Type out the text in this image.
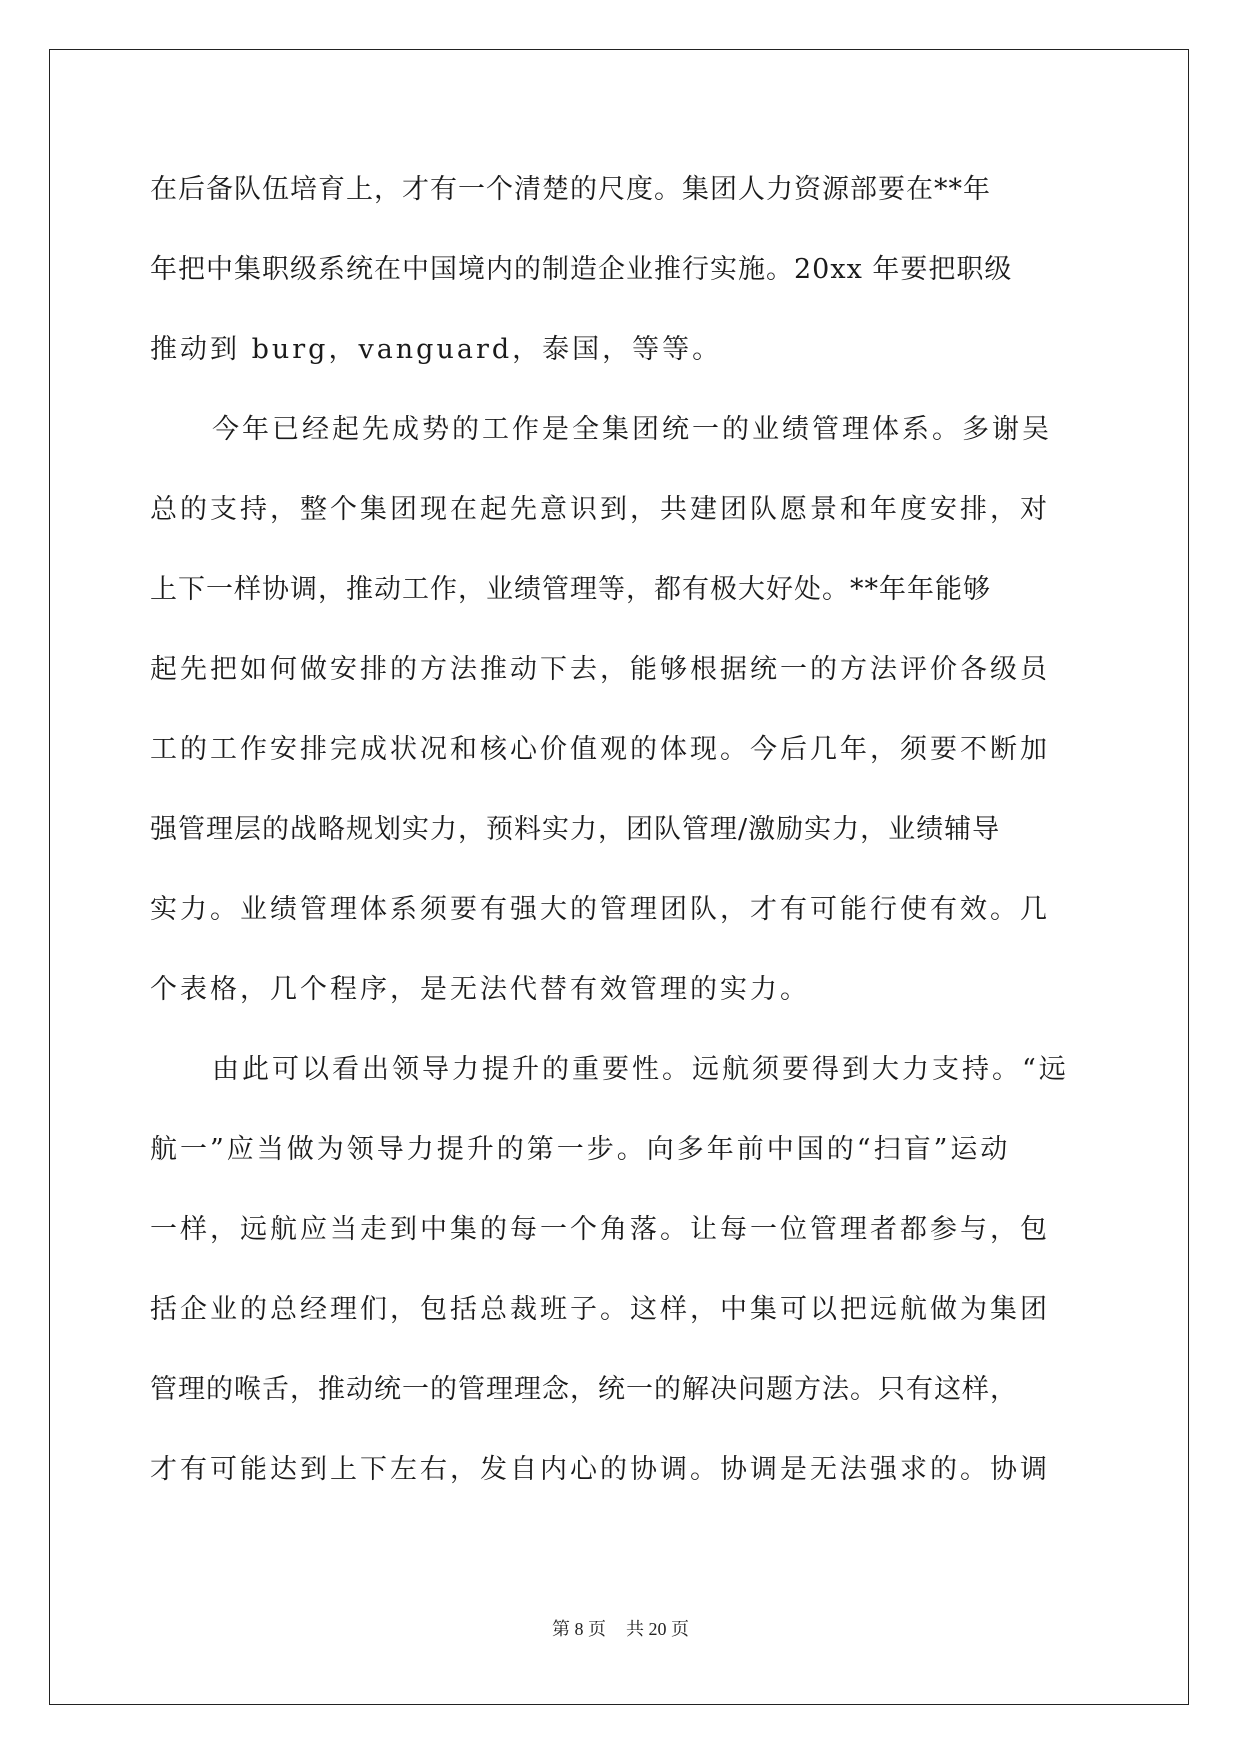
在后备队伍培育上，才有一个清楚的尺度。集团人力资源部要在**年
年把中集职级系统在中国境内的制造企业推行实施。20xx 年要把职级
推动到 burg，vanguard，泰国，等等。
今年已经起先成势的工作是全集团统一的业绩管理体系。多谢吴
总的支持，整个集团现在起先意识到，共建团队愿景和年度安排，对
上下一样协调，推动工作，业绩管理等，都有极大好处。**年年能够
起先把如何做安排的方法推动下去，能够根据统一的方法评价各级员
工的工作安排完成状况和核心价值观的体现。今后几年，须要不断加
强管理层的战略规划实力，预料实力，团队管理/激励实力，业绩辅导
实力。业绩管理体系须要有强大的管理团队，才有可能行使有效。几
个表格，几个程序，是无法代替有效管理的实力。
由此可以看出领导力提升的重要性。远航须要得到大力支持。“远
航一”应当做为领导力提升的第一步。向多年前中国的“扫盲”运动
一样，远航应当走到中集的每一个角落。让每一位管理者都参与，包
括企业的总经理们，包括总裁班子。这样，中集可以把远航做为集团
管理的喉舌，推动统一的管理理念，统一的解决问题方法。只有这样，
才有可能达到上下左右，发自内心的协调。协调是无法强求的。协调
第 8 页 共 20 页
